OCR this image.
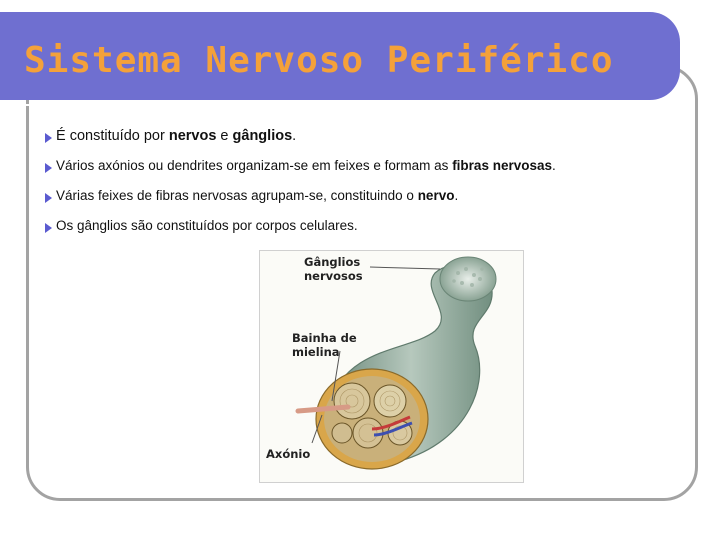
Sistema Nervoso Periférico
É constituído por nervos e gânglios.
Vários axónios ou dendrites organizam-se em feixes e formam as fibras nervosas.
Várias feixes de fibras nervosas agrupam-se, constituindo o nervo.
Os gânglios são constituídos por corpos celulares.

Gânglios
nervosos

Bainha de
mielina

Axónio
